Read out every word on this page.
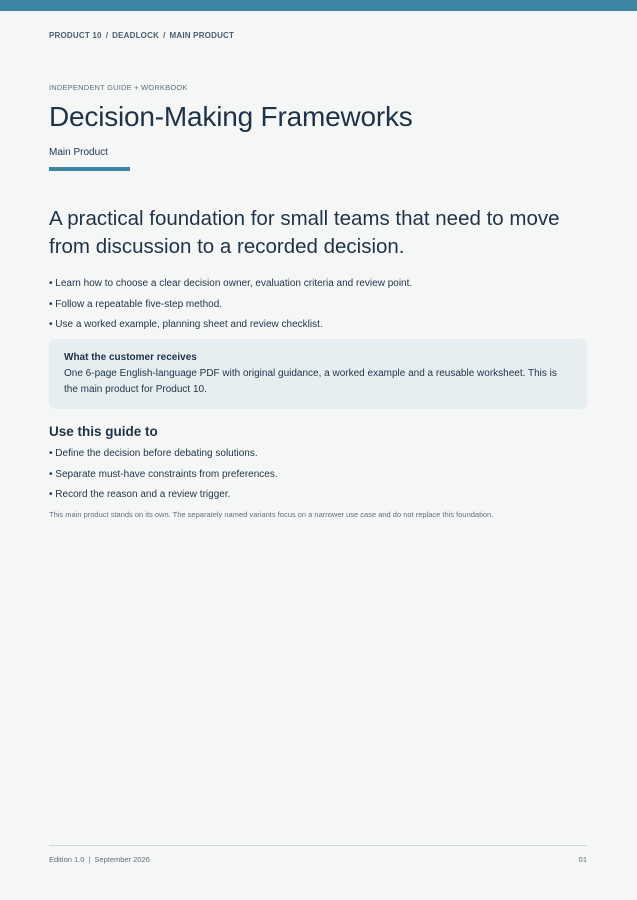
PRODUCT 10 / DEADLOCK / MAIN PRODUCT
INDEPENDENT GUIDE + WORKBOOK
Decision-Making Frameworks
Main Product
A practical foundation for small teams that need to move from discussion to a recorded decision.
• Learn how to choose a clear decision owner, evaluation criteria and review point.
• Follow a repeatable five-step method.
• Use a worked example, planning sheet and review checklist.
What the customer receives
One 6-page English-language PDF with original guidance, a worked example and a reusable worksheet. This is the main product for Product 10.
Use this guide to
• Define the decision before debating solutions.
• Separate must-have constraints from preferences.
• Record the reason and a review trigger.
This main product stands on its own. The separately named variants focus on a narrower use case and do not replace this foundation.
Edition 1.0 | September 2026	01
